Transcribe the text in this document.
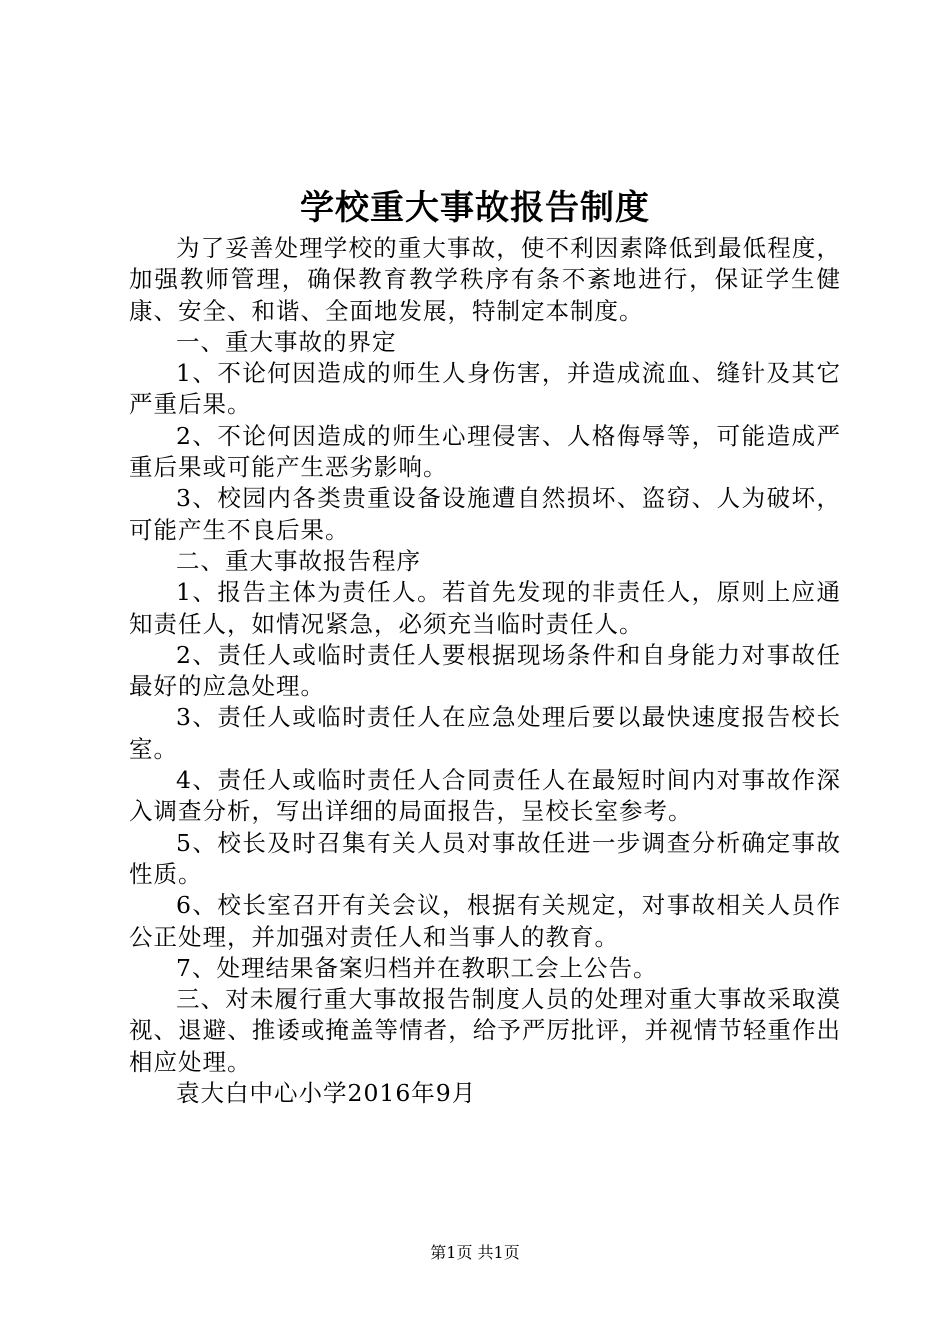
学校重大事故报告制度

为了妥善处理学校的重大事故，使不利因素降低到最低程度，加强教师管理，确保教育教学秩序有条不紊地进行，保证学生健康、安全、和谐、全面地发展，特制定本制度。

一、重大事故的界定

1、不论何因造成的师生人身伤害，并造成流血、缝针及其它严重后果。

2、不论何因造成的师生心理侵害、人格侮辱等，可能造成严重后果或可能产生恶劣影响。

3、校园内各类贵重设备设施遭自然损坏、盗窃、人为破坏，可能产生不良后果。

二、重大事故报告程序

1、报告主体为责任人。若首先发现的非责任人，原则上应通知责任人，如情况紧急，必须充当临时责任人。

2、责任人或临时责任人要根据现场条件和自身能力对事故任最好的应急处理。

3、责任人或临时责任人在应急处理后要以最快速度报告校长室。

4、责任人或临时责任人合同责任人在最短时间内对事故作深入调查分析，写出详细的局面报告，呈校长室参考。

5、校长及时召集有关人员对事故任进一步调查分析确定事故性质。

6、校长室召开有关会议，根据有关规定，对事故相关人员作公正处理，并加强对责任人和当事人的教育。

7、处理结果备案归档并在教职工会上公告。

三、对未履行重大事故报告制度人员的处理对重大事故采取漠视、退避、推诿或掩盖等情者，给予严厉批评，并视情节轻重作出相应处理。

袁大白中心小学2016年9月

第1页 共1页
